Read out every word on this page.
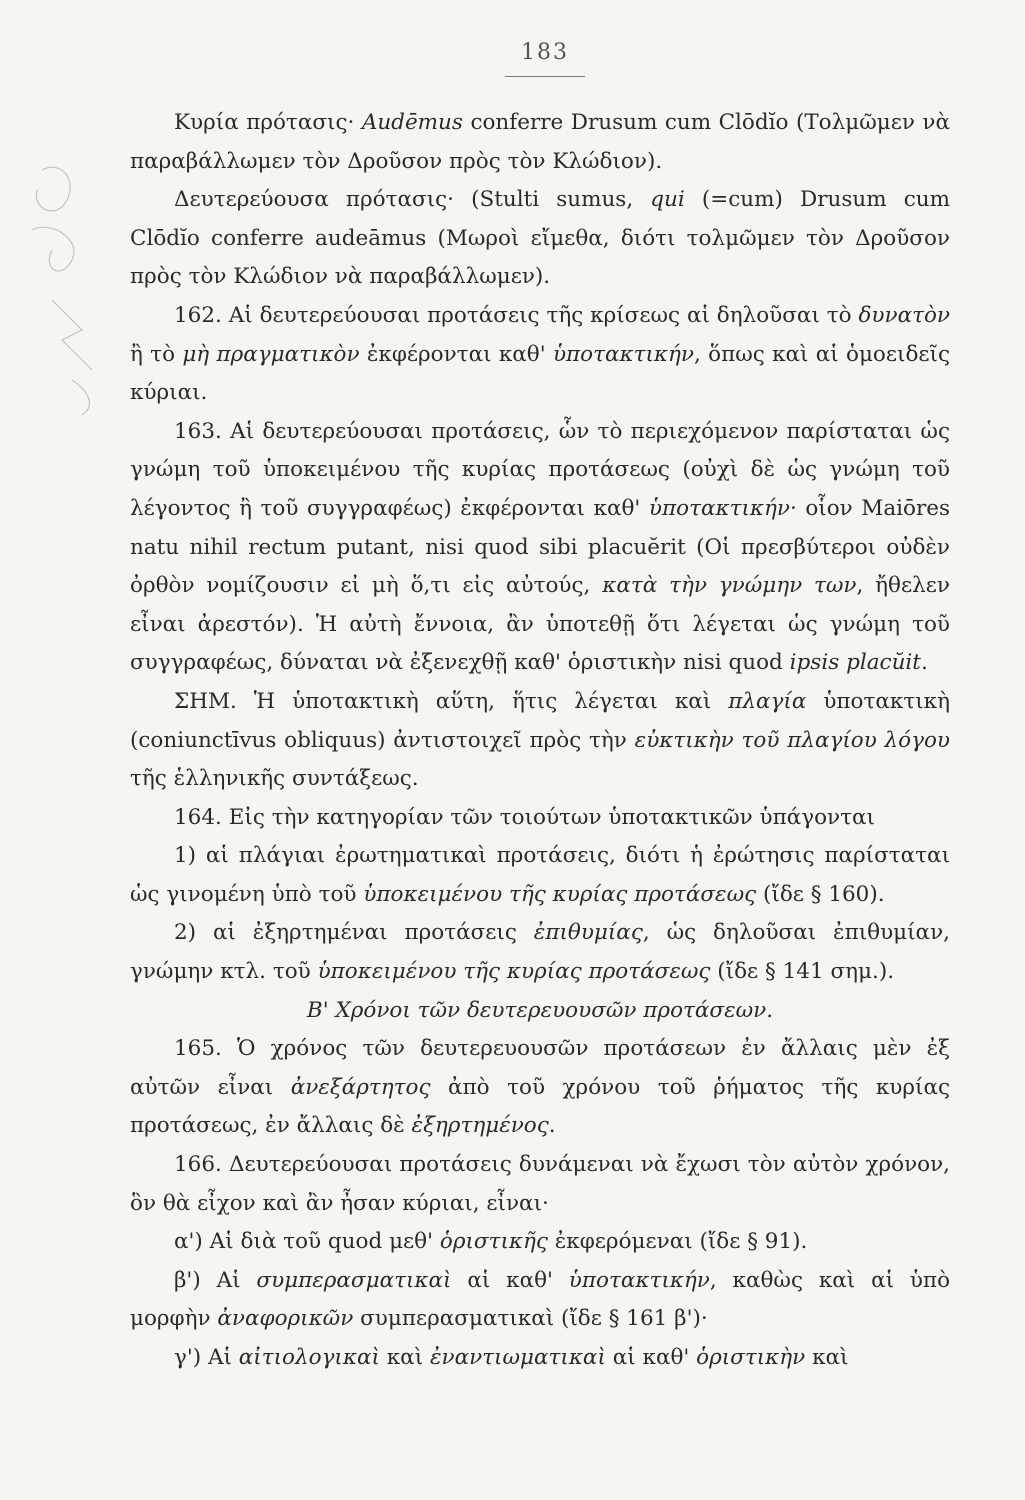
183

Κυρία πρότασις· Audēmus conferre Drusum cum Clōdĭo (Τολμῶμεν νὰ παραβάλλωμεν τὸν Δροῦσον πρὸς τὸν Κλώδιον).

Δευτερεύουσα πρότασις· (Stulti sumus, qui (=cum) Drusum cum Clōdĭo conferre audeāmus (Μωροὶ εἴμεθα, διότι τολμῶμεν τὸν Δροῦσον πρὸς τὸν Κλώδιον νὰ παραβάλλωμεν).

162. Αἱ δευτερεύουσαι προτάσεις τῆς κρίσεως αἱ δηλοῦσαι τὸ δυνατὸν ἢ τὸ μὴ πραγματικὸν ἐκφέρονται καθ' ὑποτακτικήν, ὅπως καὶ αἱ ὁμοειδεῖς κύριαι.

163. Αἱ δευτερεύουσαι προτάσεις, ὧν τὸ περιεχόμενον παρίσταται ὡς γνώμη τοῦ ὑποκειμένου τῆς κυρίας προτάσεως (οὐχὶ δὲ ὡς γνώμη τοῦ λέγοντος ἢ τοῦ συγγραφέως) ἐκφέρονται καθ' ὑποτακτικήν· οἷον Maiōres natu nihil rectum putant, nisi quod sibi placuĕrit (Οἱ πρεσβύτεροι οὐδὲν ὀρθὸν νομίζουσιν εἰ μὴ ὅ,τι εἰς αὐτούς, κατὰ τὴν γνώμην των, ἤθελεν εἶναι ἀρεστόν). Ἡ αὐτὴ ἔννοια, ἂν ὑποτεθῇ ὅτι λέγεται ὡς γνώμη τοῦ συγγραφέως, δύναται νὰ ἐξενεχθῇ καθ' ὁριστικὴν nisi quod ipsis placŭit.

ΣΗΜ. Ἡ ὑποτακτικὴ αὕτη, ἥτις λέγεται καὶ πλαγία ὑποτακτικὴ (coniunctīvus obliquus) ἀντιστοιχεῖ πρὸς τὴν εὐκτικὴν τοῦ πλαγίου λόγου τῆς ἑλληνικῆς συντάξεως.

164. Εἰς τὴν κατηγορίαν τῶν τοιούτων ὑποτακτικῶν ὑπάγονται

1) αἱ πλάγιαι ἐρωτηματικαὶ προτάσεις, διότι ἡ ἐρώτησις παρίσταται ὡς γινομένη ὑπὸ τοῦ ὑποκειμένου τῆς κυρίας προτάσεως (ἴδε § 160).

2) αἱ ἐξηρτημέναι προτάσεις ἐπιθυμίας, ὡς δηλοῦσαι ἐπιθυμίαν, γνώμην κτλ. τοῦ ὑποκειμένου τῆς κυρίας προτάσεως (ἴδε § 141 σημ.).

Β' Χρόνοι τῶν δευτερευουσῶν προτάσεων.

165. Ὁ χρόνος τῶν δευτερευουσῶν προτάσεων ἐν ἄλλαις μὲν ἐξ αὐτῶν εἶναι ἀνεξάρτητος ἀπὸ τοῦ χρόνου τοῦ ῥήματος τῆς κυρίας προτάσεως, ἐν ἄλλαις δὲ ἐξηρτημένος.

166. Δευτερεύουσαι προτάσεις δυνάμεναι νὰ ἔχωσι τὸν αὐτὸν χρόνον, ὃν θὰ εἶχον καὶ ἂν ἦσαν κύριαι, εἶναι·

α') Αἱ διὰ τοῦ quod μεθ' ὁριστικῆς ἐκφερόμεναι (ἴδε § 91).

β') Αἱ συμπερασματικαὶ αἱ καθ' ὑποτακτικήν, καθὼς καὶ αἱ ὑπὸ μορφὴν ἀναφορικῶν συμπερασματικαὶ (ἴδε § 161 β')·

γ') Αἱ αἰτιολογικαὶ καὶ ἐναντιωματικαὶ αἱ καθ' ὁριστικὴν καὶ
